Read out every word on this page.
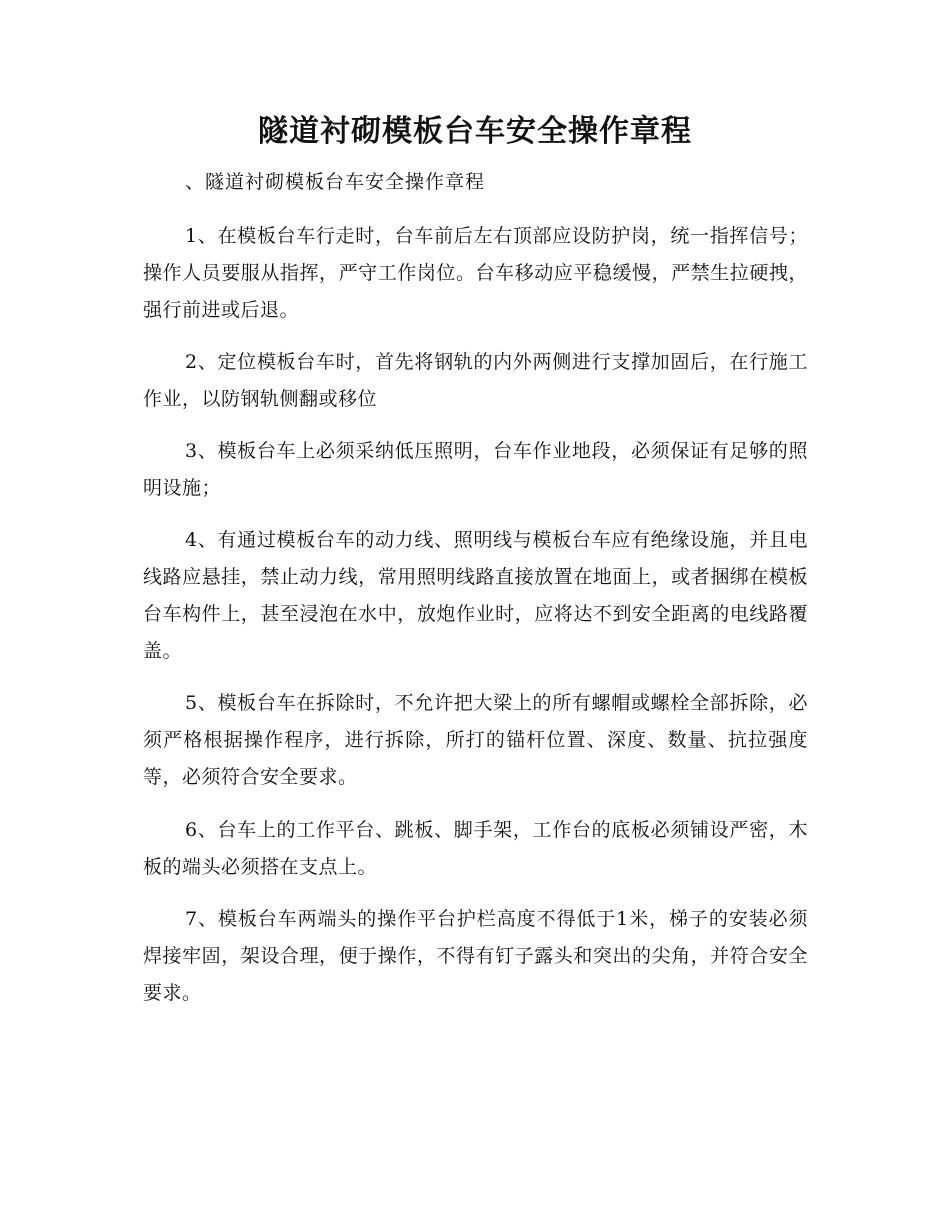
隧道衬砌模板台车安全操作章程

、隧道衬砌模板台车安全操作章程

1、在模板台车行走时，台车前后左右顶部应设防护岗，统一指挥信号；操作人员要服从指挥，严守工作岗位。台车移动应平稳缓慢，严禁生拉硬拽，强行前进或后退。

2、定位模板台车时，首先将钢轨的内外两侧进行支撑加固后，在行施工作业，以防钢轨侧翻或移位

3、模板台车上必须采纳低压照明，台车作业地段，必须保证有足够的照明设施；

4、有通过模板台车的动力线、照明线与模板台车应有绝缘设施，并且电线路应悬挂，禁止动力线，常用照明线路直接放置在地面上，或者捆绑在模板台车构件上，甚至浸泡在水中，放炮作业时，应将达不到安全距离的电线路覆盖。

5、模板台车在拆除时，不允许把大梁上的所有螺帽或螺栓全部拆除，必须严格根据操作程序，进行拆除，所打的锚杆位置、深度、数量、抗拉强度等，必须符合安全要求。

6、台车上的工作平台、跳板、脚手架，工作台的底板必须铺设严密，木板的端头必须搭在支点上。

7、模板台车两端头的操作平台护栏高度不得低于1米，梯子的安装必须焊接牢固，架设合理，便于操作，不得有钉子露头和突出的尖角，并符合安全要求。
